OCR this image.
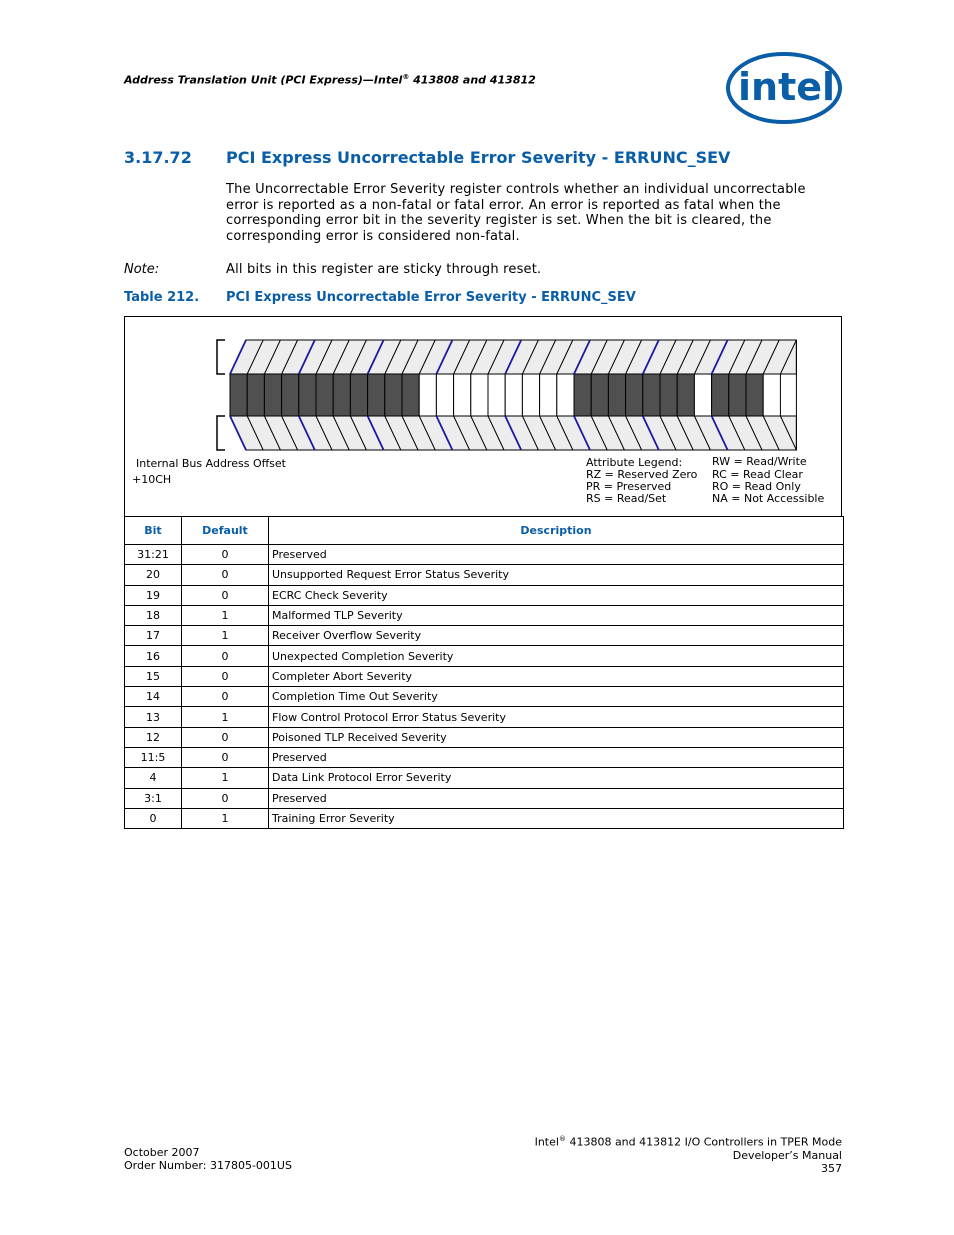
Address Translation Unit (PCI Express)—Intel® 413808 and 413812	intel
3.17.72 PCI Express Uncorrectable Error Severity - ERRUNC_SEV
The Uncorrectable Error Severity register controls whether an individual uncorrectable error is reported as a non-fatal or fatal error. An error is reported as fatal when the corresponding error bit in the severity register is set. When the bit is cleared, the corresponding error is considered non-fatal.
Note:	All bits in this register are sticky through reset.
Table 212. PCI Express Uncorrectable Error Severity - ERRUNC_SEV
Internal Bus Address Offset
+10CH
Attribute Legend:
RZ = Reserved Zero
RW = Read/Write
PR = Preserved
RC = Read Clear
RS = Read/Set
RO = Read Only
NA = Not Accessible
Bit	Default	Description
31:21	0	Preserved
20	0	Unsupported Request Error Status Severity
19	0	ECRC Check Severity
18	1	Malformed TLP Severity
17	1	Receiver Overflow Severity
16	0	Unexpected Completion Severity
15	0	Completer Abort Severity
14	0	Completion Time Out Severity
13	1	Flow Control Protocol Error Status Severity
12	0	Poisoned TLP Received Severity
11:5	0	Preserved
4	1	Data Link Protocol Error Severity
3:1	0	Preserved
0	1	Training Error Severity
October 2007
Order Number: 317805-001US
Intel® 413808 and 413812 I/O Controllers in TPER Mode
Developer’s Manual
357
